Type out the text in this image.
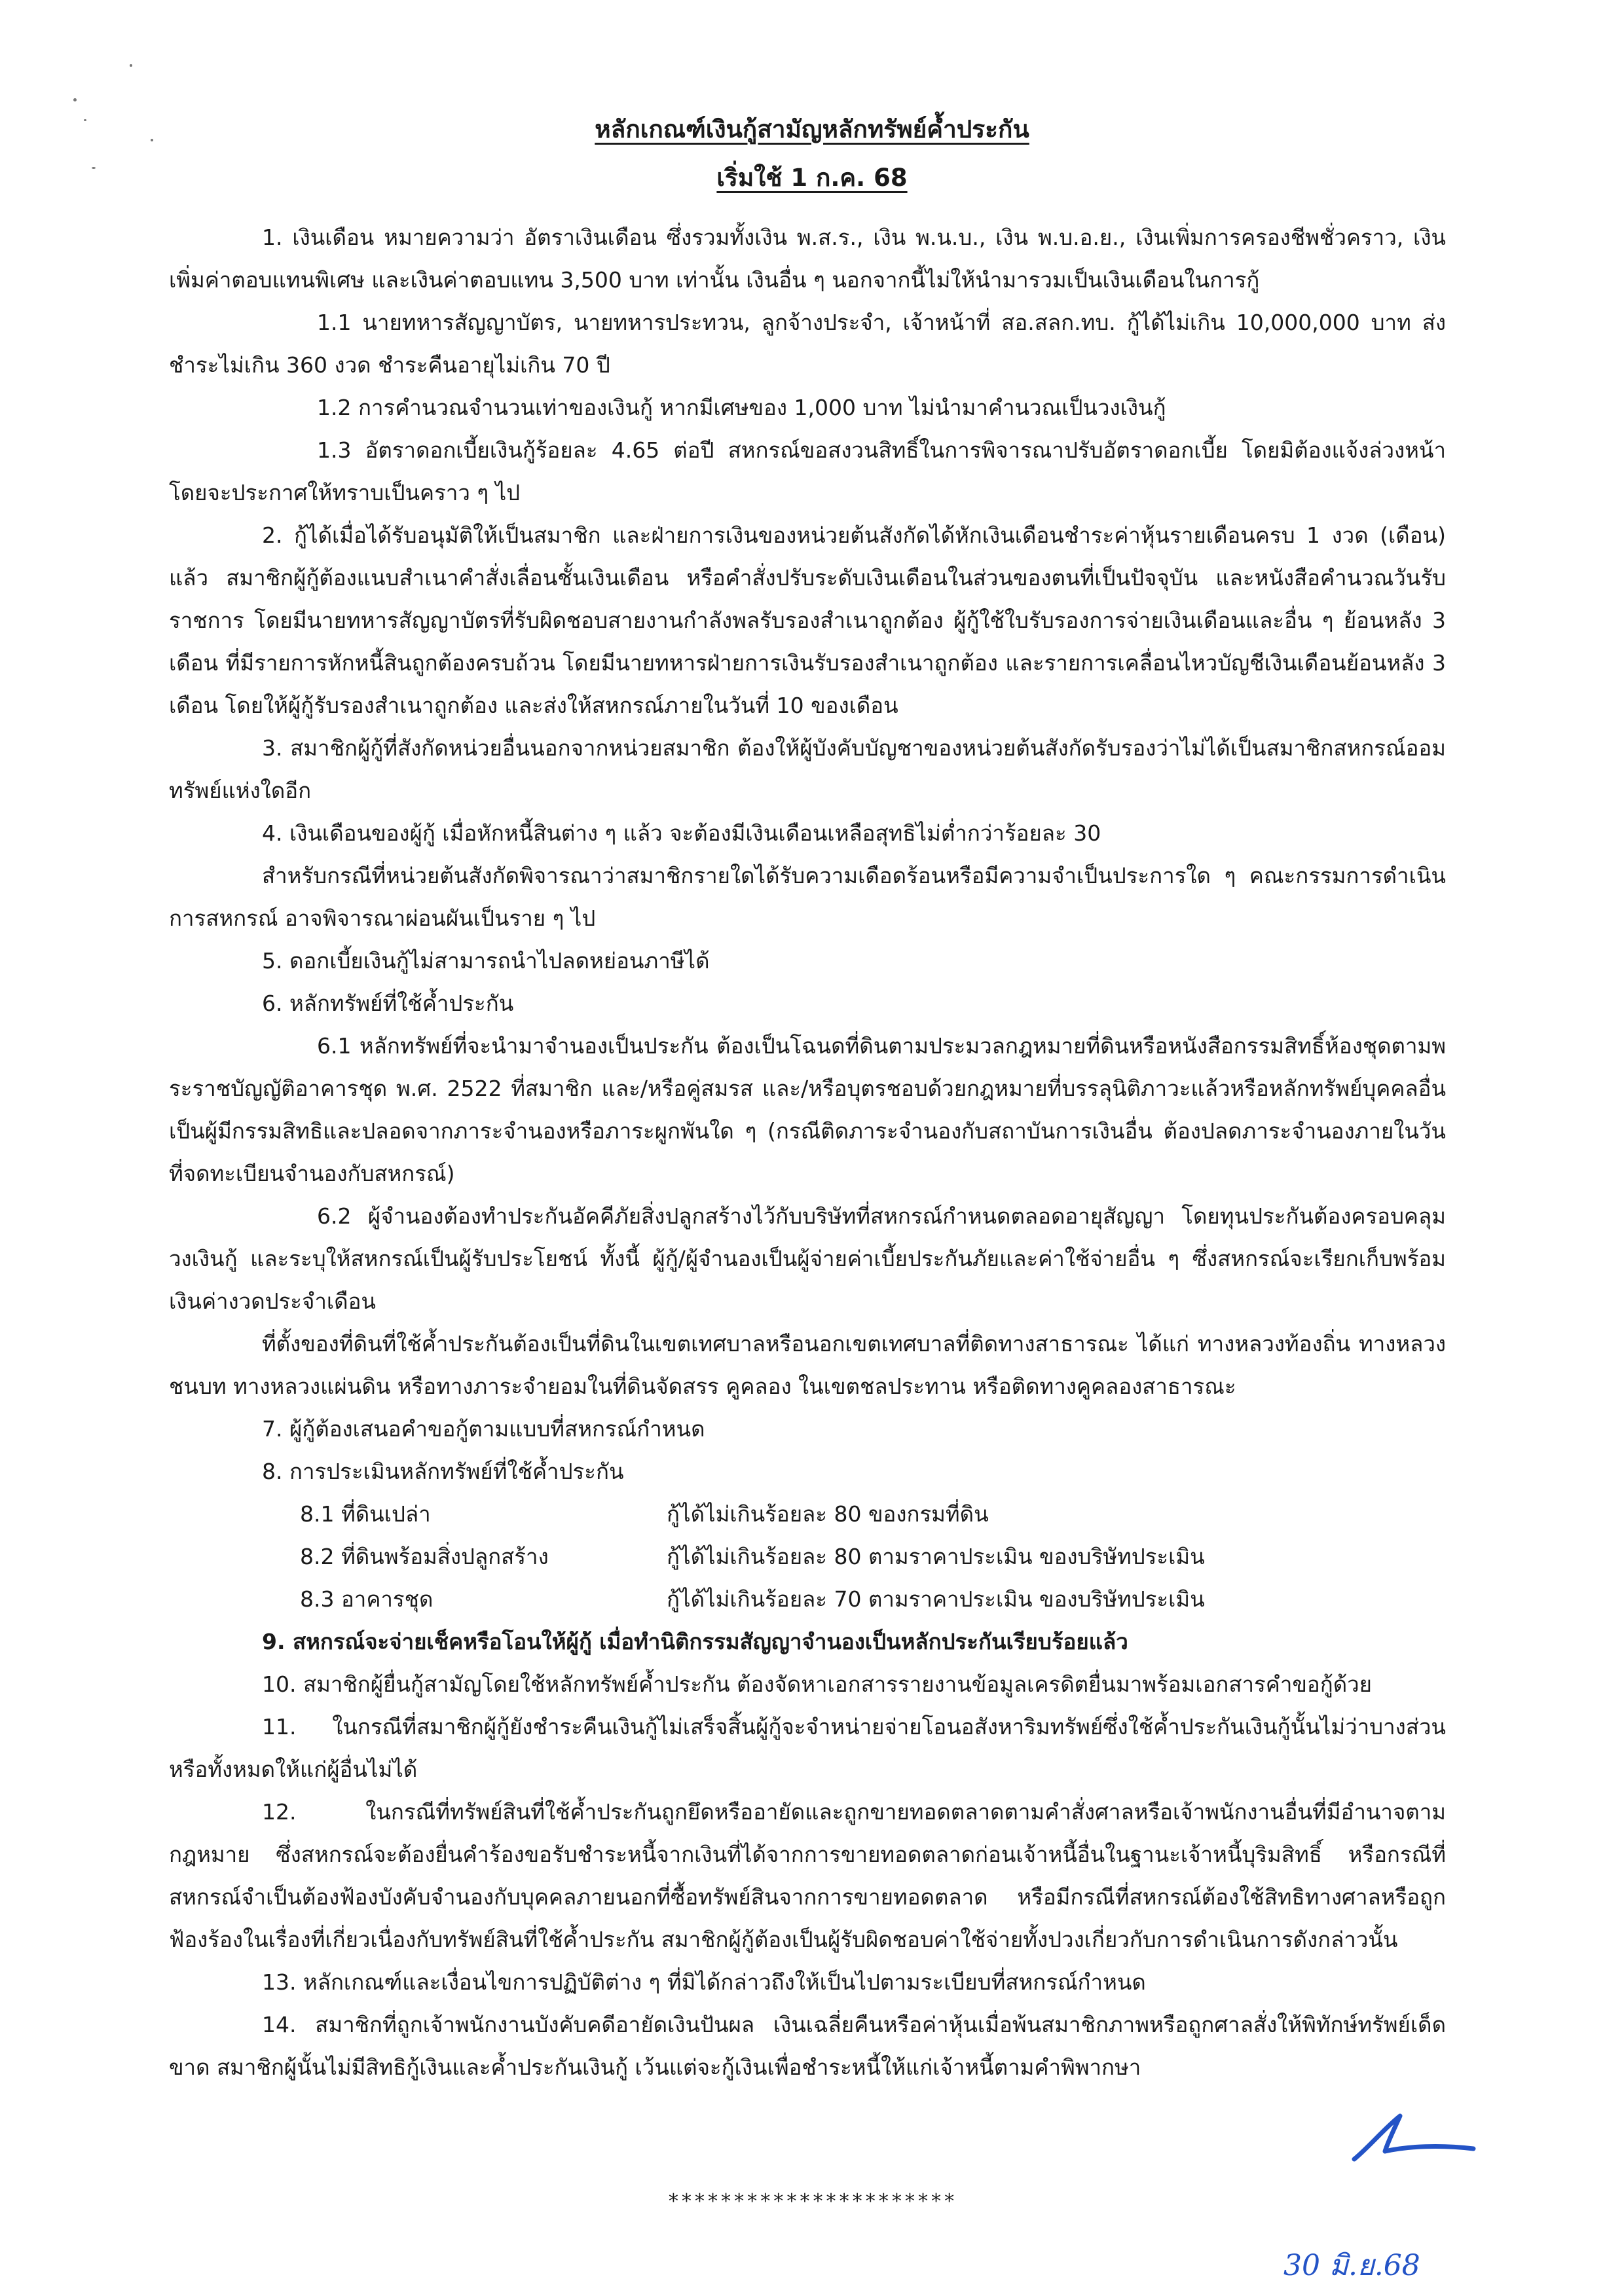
หลักเกณฑ์เงินกู้สามัญหลักทรัพย์ค้ำประกัน
เริ่มใช้ 1 ก.ค. 68

1. เงินเดือน หมายความว่า อัตราเงินเดือน ซึ่งรวมทั้งเงิน พ.ส.ร., เงิน พ.น.บ., เงิน พ.บ.อ.ย., เงินเพิ่มการครองชีพชั่วคราว, เงินเพิ่มค่าตอบแทนพิเศษ และเงินค่าตอบแทน 3,500 บาท เท่านั้น เงินอื่น ๆ นอกจากนี้ไม่ให้นำมารวมเป็นเงินเดือนในการกู้

1.1 นายทหารสัญญาบัตร, นายทหารประทวน, ลูกจ้างประจำ, เจ้าหน้าที่ สอ.สลก.ทบ. กู้ได้ไม่เกิน 10,000,000 บาท ส่งชำระไม่เกิน 360 งวด ชำระคืนอายุไม่เกิน 70 ปี

1.2 การคำนวณจำนวนเท่าของเงินกู้ หากมีเศษของ 1,000 บาท ไม่นำมาคำนวณเป็นวงเงินกู้

1.3 อัตราดอกเบี้ยเงินกู้ร้อยละ 4.65 ต่อปี สหกรณ์ขอสงวนสิทธิ์ในการพิจารณาปรับอัตราดอกเบี้ย โดยมิต้องแจ้งล่วงหน้า โดยจะประกาศให้ทราบเป็นคราว ๆ ไป

2. กู้ได้เมื่อได้รับอนุมัติให้เป็นสมาชิก และฝ่ายการเงินของหน่วยต้นสังกัดได้หักเงินเดือนชำระค่าหุ้นรายเดือนครบ 1 งวด (เดือน) แล้ว สมาชิกผู้กู้ต้องแนบสำเนาคำสั่งเลื่อนชั้นเงินเดือน หรือคำสั่งปรับระดับเงินเดือนในส่วนของตนที่เป็นปัจจุบัน และหนังสือคำนวณวันรับราชการ โดยมีนายทหารสัญญาบัตรที่รับผิดชอบสายงานกำลังพลรับรองสำเนาถูกต้อง ผู้กู้ใช้ใบรับรองการจ่ายเงินเดือนและอื่น ๆ ย้อนหลัง 3 เดือน ที่มีรายการหักหนี้สินถูกต้องครบถ้วน โดยมีนายทหารฝ่ายการเงินรับรองสำเนาถูกต้อง และรายการเคลื่อนไหวบัญชีเงินเดือนย้อนหลัง 3 เดือน โดยให้ผู้กู้รับรองสำเนาถูกต้อง และส่งให้สหกรณ์ภายในวันที่ 10 ของเดือน

3. สมาชิกผู้กู้ที่สังกัดหน่วยอื่นนอกจากหน่วยสมาชิก ต้องให้ผู้บังคับบัญชาของหน่วยต้นสังกัดรับรองว่าไม่ได้เป็นสมาชิกสหกรณ์ออมทรัพย์แห่งใดอีก

4. เงินเดือนของผู้กู้ เมื่อหักหนี้สินต่าง ๆ แล้ว จะต้องมีเงินเดือนเหลือสุทธิไม่ต่ำกว่าร้อยละ 30

สำหรับกรณีที่หน่วยต้นสังกัดพิจารณาว่าสมาชิกรายใดได้รับความเดือดร้อนหรือมีความจำเป็นประการใด ๆ คณะกรรมการดำเนินการสหกรณ์ อาจพิจารณาผ่อนผันเป็นราย ๆ ไป

5. ดอกเบี้ยเงินกู้ไม่สามารถนำไปลดหย่อนภาษีได้

6. หลักทรัพย์ที่ใช้ค้ำประกัน

6.1 หลักทรัพย์ที่จะนำมาจำนองเป็นประกัน ต้องเป็นโฉนดที่ดินตามประมวลกฎหมายที่ดินหรือหนังสือกรรมสิทธิ์ห้องชุดตามพระราชบัญญัติอาคารชุด พ.ศ. 2522 ที่สมาชิก และ/หรือคู่สมรส และ/หรือบุตรชอบด้วยกฎหมายที่บรรลุนิติภาวะแล้วหรือหลักทรัพย์บุคคลอื่นเป็นผู้มีกรรมสิทธิและปลอดจากภาระจำนองหรือภาระผูกพันใด ๆ (กรณีติดภาระจำนองกับสถาบันการเงินอื่น ต้องปลดภาระจำนองภายในวันที่จดทะเบียนจำนองกับสหกรณ์)

6.2 ผู้จำนองต้องทำประกันอัคคีภัยสิ่งปลูกสร้างไว้กับบริษัทที่สหกรณ์กำหนดตลอดอายุสัญญา โดยทุนประกันต้องครอบคลุมวงเงินกู้ และระบุให้สหกรณ์เป็นผู้รับประโยชน์ ทั้งนี้ ผู้กู้/ผู้จำนองเป็นผู้จ่ายค่าเบี้ยประกันภัยและค่าใช้จ่ายอื่น ๆ ซึ่งสหกรณ์จะเรียกเก็บพร้อมเงินค่างวดประจำเดือน

ที่ตั้งของที่ดินที่ใช้ค้ำประกันต้องเป็นที่ดินในเขตเทศบาลหรือนอกเขตเทศบาลที่ติดทางสาธารณะ ได้แก่ ทางหลวงท้องถิ่น ทางหลวงชนบท ทางหลวงแผ่นดิน หรือทางภาระจำยอมในที่ดินจัดสรร คูคลอง ในเขตชลประทาน หรือติดทางคูคลองสาธารณะ

7. ผู้กู้ต้องเสนอคำขอกู้ตามแบบที่สหกรณ์กำหนด

8. การประเมินหลักทรัพย์ที่ใช้ค้ำประกัน

8.1 ที่ดินเปล่า	กู้ได้ไม่เกินร้อยละ 80 ของกรมที่ดิน
8.2 ที่ดินพร้อมสิ่งปลูกสร้าง	กู้ได้ไม่เกินร้อยละ 80 ตามราคาประเมิน ของบริษัทประเมิน
8.3 อาคารชุด	กู้ได้ไม่เกินร้อยละ 70 ตามราคาประเมิน ของบริษัทประเมิน

9. สหกรณ์จะจ่ายเช็คหรือโอนให้ผู้กู้ เมื่อทำนิติกรรมสัญญาจำนองเป็นหลักประกันเรียบร้อยแล้ว

10. สมาชิกผู้ยื่นกู้สามัญโดยใช้หลักทรัพย์ค้ำประกัน ต้องจัดหาเอกสารรายงานข้อมูลเครดิตยื่นมาพร้อมเอกสารคำขอกู้ด้วย

11. ในกรณีที่สมาชิกผู้กู้ยังชำระคืนเงินกู้ไม่เสร็จสิ้นผู้กู้จะจำหน่ายจ่ายโอนอสังหาริมทรัพย์ซึ่งใช้ค้ำประกันเงินกู้นั้นไม่ว่าบางส่วนหรือทั้งหมดให้แก่ผู้อื่นไม่ได้

12. ในกรณีที่ทรัพย์สินที่ใช้ค้ำประกันถูกยึดหรืออายัดและถูกขายทอดตลาดตามคำสั่งศาลหรือเจ้าพนักงานอื่นที่มีอำนาจตามกฎหมาย ซึ่งสหกรณ์จะต้องยื่นคำร้องขอรับชำระหนี้จากเงินที่ได้จากการขายทอดตลาดก่อนเจ้าหนี้อื่นในฐานะเจ้าหนี้บุริมสิทธิ์ หรือกรณีที่สหกรณ์จำเป็นต้องฟ้องบังคับจำนองกับบุคคลภายนอกที่ซื้อทรัพย์สินจากการขายทอดตลาด หรือมีกรณีที่สหกรณ์ต้องใช้สิทธิทางศาลหรือถูกฟ้องร้องในเรื่องที่เกี่ยวเนื่องกับทรัพย์สินที่ใช้ค้ำประกัน สมาชิกผู้กู้ต้องเป็นผู้รับผิดชอบค่าใช้จ่ายทั้งปวงเกี่ยวกับการดำเนินการดังกล่าวนั้น

13. หลักเกณฑ์และเงื่อนไขการปฏิบัติต่าง ๆ ที่มิได้กล่าวถึงให้เป็นไปตามระเบียบที่สหกรณ์กำหนด

14. สมาชิกที่ถูกเจ้าพนักงานบังคับคดีอายัดเงินปันผล เงินเฉลี่ยคืนหรือค่าหุ้นเมื่อพ้นสมาชิกภาพหรือถูกศาลสั่งให้พิทักษ์ทรัพย์เด็ดขาด สมาชิกผู้นั้นไม่มีสิทธิกู้เงินและค้ำประกันเงินกู้ เว้นแต่จะกู้เงินเพื่อชำระหนี้ให้แก่เจ้าหนี้ตามคำพิพากษา

**********************
30 มิ.ย.68
